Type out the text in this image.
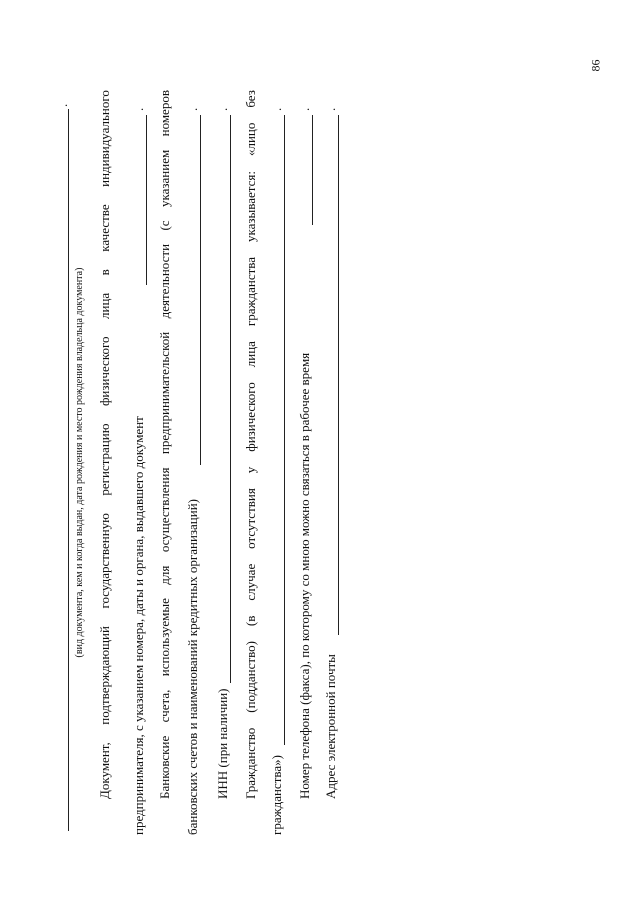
86
.
(вид документа, кем и когда выдан, дата рождения и место рождения владельца документа)
Документ,
подтверждающий
государственную
регистрацию
физического
лица
в
качестве
индивидуального
предпринимателя, с указанием номера, даты и органа, выдавшего документ
.
Банковские
счета,
используемые
для
осуществления
предпринимательской
деятельности
(с
указанием
номеров
банковских счетов и наименований кредитных организаций)
.
ИНН (при наличии)
.
Гражданство
(подданство)
(в
случае
отсутствия
у
физического
лица
гражданства
указывается:
«лицо
без
гражданства»)
.
Номер телефона (факса), по которому со мною можно связаться в рабочее время
.
Адрес электронной почты
.
